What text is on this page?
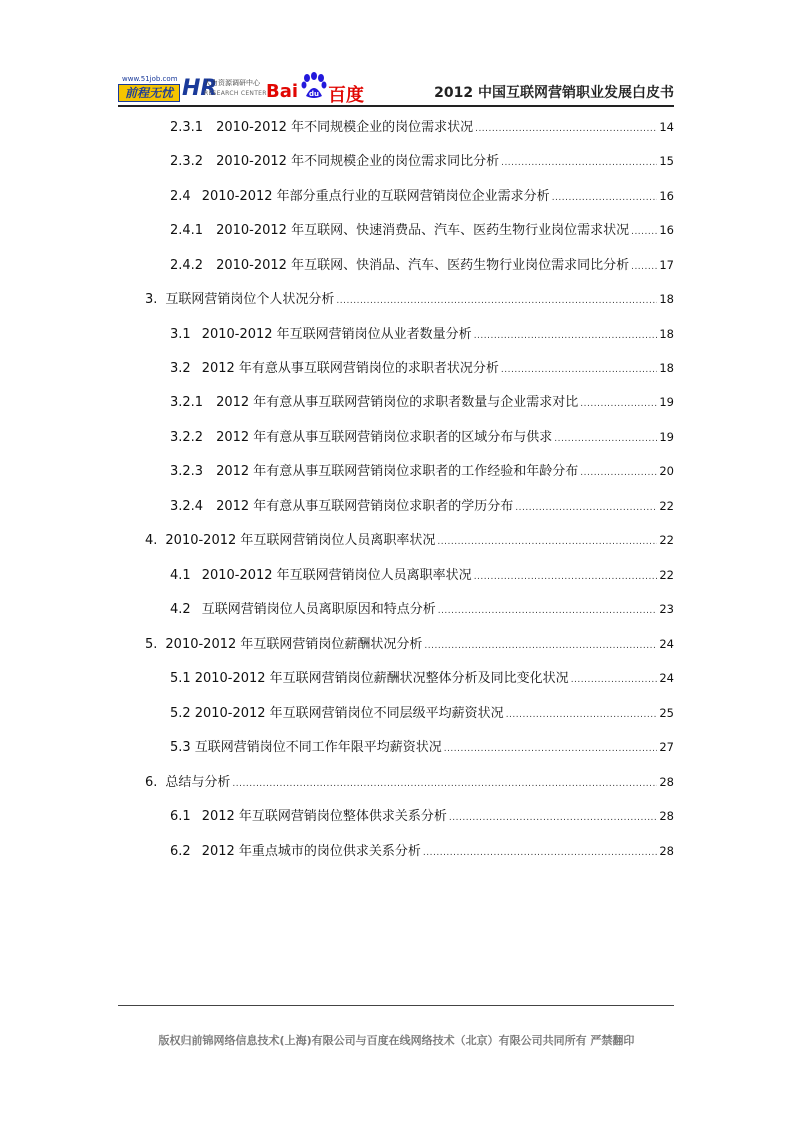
www.51job.com
前程无忧 HR
人力资源调研中心
RESEARCH CENTER Bai du 百度	2012 中国互联网营销职业发展白皮书
2.3.1 2010-2012 年不同规模企业的岗位需求状况 .....	14
2.3.2 2010-2012 年不同规模企业的岗位需求同比分析 .....	15
2.4 2010-2012 年部分重点行业的互联网营销岗位企业需求分析 .....	16
2.4.1 2010-2012 年互联网、快速消费品、汽车、医药生物行业岗位需求状况 .....	16
2.4.2 2010-2012 年互联网、快消品、汽车、医药生物行业岗位需求同比分析 .....	17
3. 互联网营销岗位个人状况分析 .....	18
3.1 2010-2012 年互联网营销岗位从业者数量分析 .....	18
3.2 2012 年有意从事互联网营销岗位的求职者状况分析 .....	18
3.2.1 2012 年有意从事互联网营销岗位的求职者数量与企业需求对比 .....	19
3.2.2 2012 年有意从事互联网营销岗位求职者的区域分布与供求 .....	19
3.2.3 2012 年有意从事互联网营销岗位求职者的工作经验和年龄分布 .....	20
3.2.4 2012 年有意从事互联网营销岗位求职者的学历分布 .....	22
4. 2010-2012 年互联网营销岗位人员离职率状况 .....	22
4.1 2010-2012 年互联网营销岗位人员离职率状况 .....	22
4.2 互联网营销岗位人员离职原因和特点分析 .....	23
5. 2010-2012 年互联网营销岗位薪酬状况分析 .....	24
5.1 2010-2012 年互联网营销岗位薪酬状况整体分析及同比变化状况 .....	24
5.2 2010-2012 年互联网营销岗位不同层级平均薪资状况 .....	25
5.3 互联网营销岗位不同工作年限平均薪资状况 .....	27
6. 总结与分析 .....	28
6.1 2012 年互联网营销岗位整体供求关系分析 .....	28
6.2 2012 年重点城市的岗位供求关系分析 .....	28
版权归前锦网络信息技术(上海)有限公司与百度在线网络技术（北京）有限公司共同所有 严禁翻印
